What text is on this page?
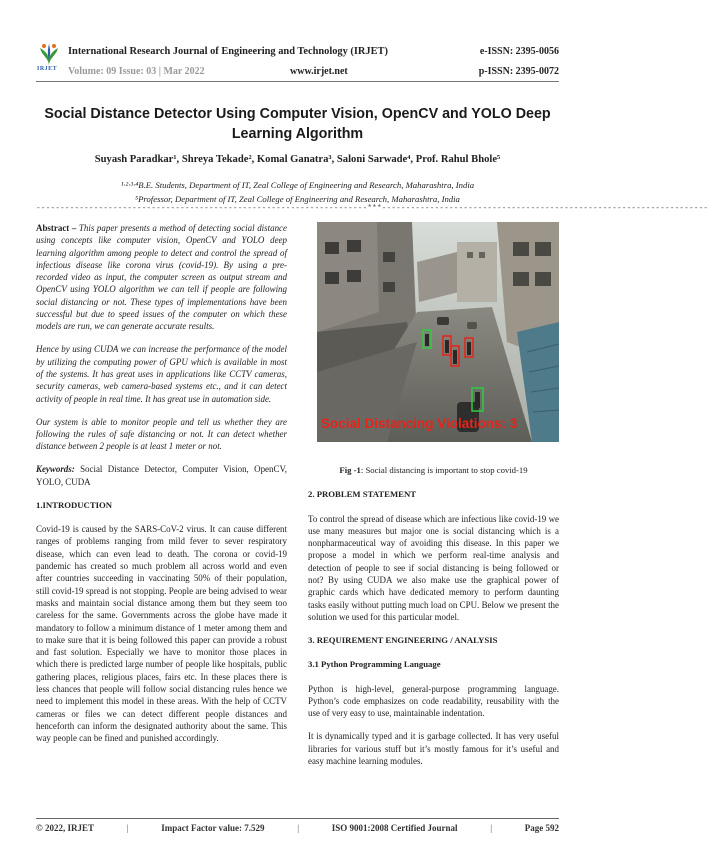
IRJET
International Research Journal of Engineering and Technology (IRJET)
Volume: 09 Issue: 03 | Mar 2022	www.irjet.net
e-ISSN: 2395-0056
p-ISSN: 2395-0072
Social Distance Detector Using Computer Vision, OpenCV and YOLO Deep Learning Algorithm
Suyash Paradkar¹, Shreya Tekade², Komal Ganatra³, Saloni Sarwade⁴, Prof. Rahul Bhole⁵
¹·²·³·⁴B.E. Students, Department of IT, Zeal College of Engineering and Research, Maharashtra, India
⁵Professor, Department of IT, Zeal College of Engineering and Research, Maharashtra, India
---------------------------------------------------------------------***--------------------------------------------------------------------

Abstract – This paper presents a method of detecting social distance using concepts like computer vision, OpenCV and YOLO deep learning algorithm among people to detect and control the spread of infectious disease like corona virus (covid-19). By using a pre-recorded video as input, the computer screen as output stream and OpenCV using YOLO algorithm we can tell if people are following social distancing or not. These types of implementations have been successful but due to speed issues of the computer on which these models are run, we can generate accurate results.

Hence by using CUDA we can increase the performance of the model by utilizing the computing power of GPU which is available in most of the systems. It has great uses in applications like CCTV cameras, security cameras, web camera-based systems etc., and it can detect activity of people in real time. It has great use in automation side.

Our system is able to monitor people and tell us whether they are following the rules of safe distancing or not. It can detect whether distance between 2 people is at least 1 meter or not.

Keywords: Social Distance Detector, Computer Vision, OpenCV, YOLO, CUDA

1.INTRODUCTION

Covid-19 is caused by the SARS-CoV-2 virus. It can cause different ranges of problems ranging from mild fever to sever respiratory disease, which can even lead to death. The corona or covid-19 pandemic has created so much problem all across world and even after countries succeeding in vaccinating 50% of their population, still covid-19 spread is not stopping. People are being advised to wear masks and maintain social distance among them but they seem too careless for the same. Governments across the globe have made it mandatory to follow a minimum distance of 1 meter among them and to make sure that it is being followed this paper can provide a robust and fast solution. Especially we have to monitor those places in which there is predicted large number of people like hospitals, public gathering places, religious places, fairs etc. In these places there is less chances that people will follow social distancing rules hence we need to implement this model in these areas. With the help of CCTV cameras or files we can detect different people distances and henceforth can inform the designated authority about the same. This way people can be fined and punished accordingly.

Social Distancing Violations: 3

Fig -1: Social distancing is important to stop covid-19

2. PROBLEM STATEMENT

To control the spread of disease which are infectious like covid-19 we use many measures but major one is social distancing which is a nonpharmaceutical way of avoiding this disease. In this paper we propose a model in which we perform real-time analysis and detection of people to see if social distancing is being followed or not? By using CUDA we also make use the graphical power of graphic cards which have dedicated memory to perform daunting tasks easily without putting much load on CPU. Below we present the solution we used for this particular model.

3. REQUIREMENT ENGINEERING / ANALYSIS

3.1 Python Programming Language

Python is high-level, general-purpose programming language. Python’s code emphasizes on code readability, reusability with the use of very easy to use, maintainable indentation.

It is dynamically typed and it is garbage collected. It has very useful libraries for various stuff but it’s mostly famous for it’s useful and easy machine learning modules.

© 2022, IRJET	|	Impact Factor value: 7.529	|	ISO 9001:2008 Certified Journal	|	Page 592
